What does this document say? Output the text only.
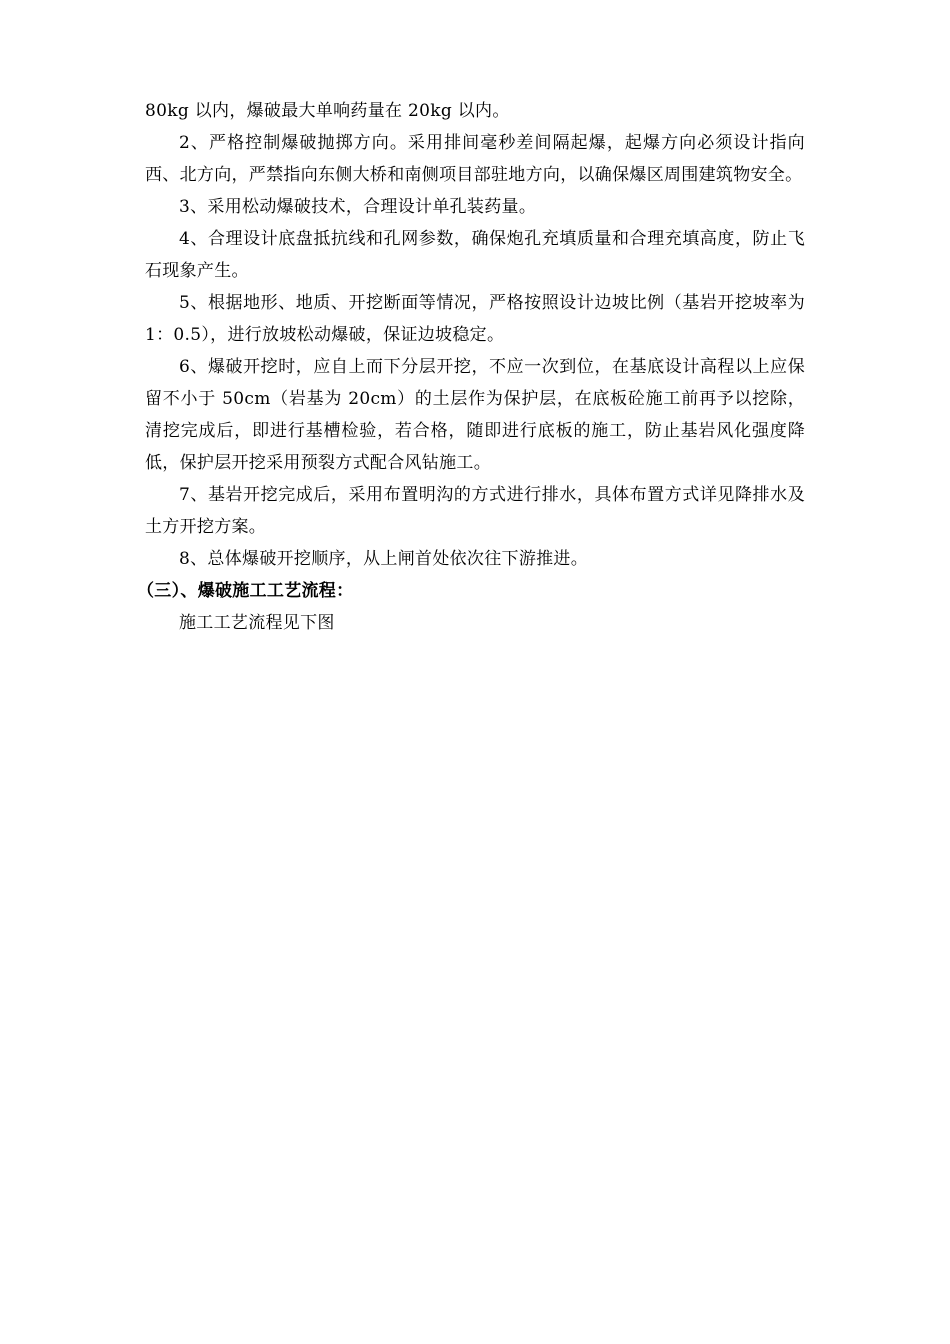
80kg 以内，爆破最大单响药量在 20kg 以内。

2、严格控制爆破抛掷方向。采用排间毫秒差间隔起爆，起爆方向必须设计指向西、北方向，严禁指向东侧大桥和南侧项目部驻地方向，以确保爆区周围建筑物安全。

3、采用松动爆破技术，合理设计单孔装药量。

4、合理设计底盘抵抗线和孔网参数，确保炮孔充填质量和合理充填高度，防止飞石现象产生。

5、根据地形、地质、开挖断面等情况，严格按照设计边坡比例（基岩开挖坡率为 1：0.5），进行放坡松动爆破，保证边坡稳定。

6、爆破开挖时，应自上而下分层开挖，不应一次到位，在基底设计高程以上应保留不小于 50cm（岩基为 20cm）的土层作为保护层，在底板砼施工前再予以挖除，清挖完成后，即进行基槽检验，若合格，随即进行底板的施工，防止基岩风化强度降低，保护层开挖采用预裂方式配合风钻施工。

7、基岩开挖完成后，采用布置明沟的方式进行排水，具体布置方式详见降排水及土方开挖方案。

8、总体爆破开挖顺序，从上闸首处依次往下游推进。

（三）、爆破施工工艺流程：

施工工艺流程见下图
